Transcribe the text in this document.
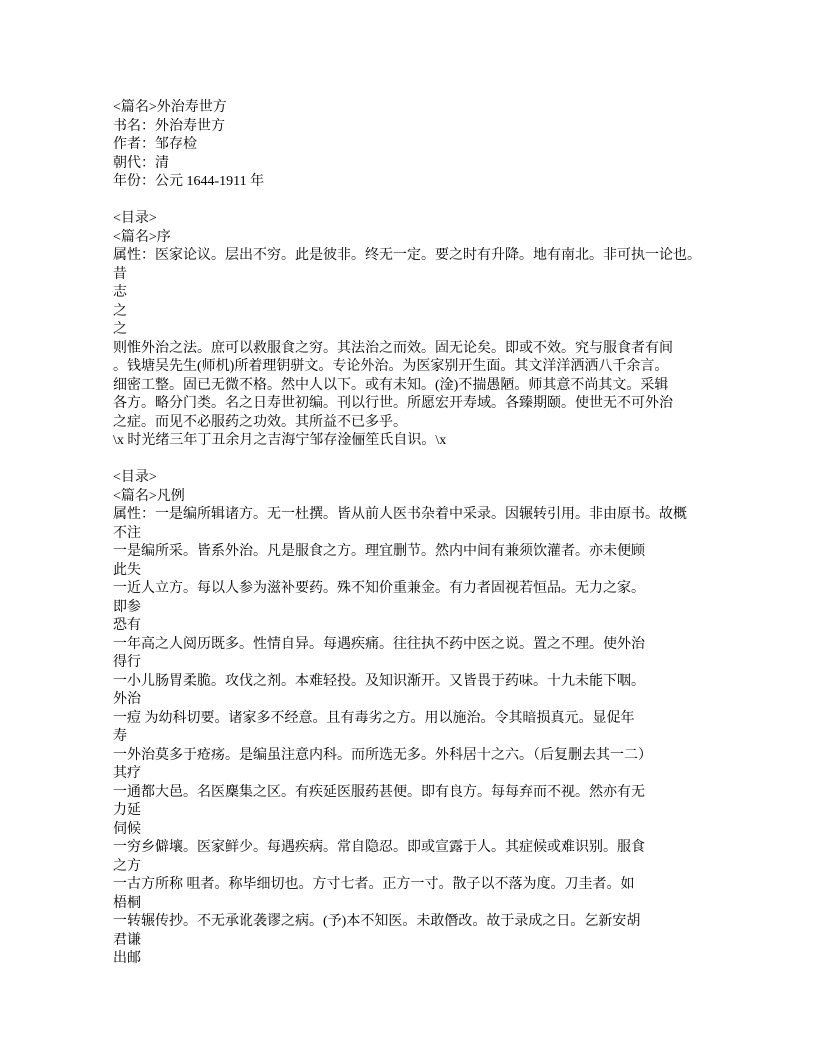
<篇名>外治寿世方
书名：外治寿世方
作者：邹存检
朝代：清
年份：公元 1644-1911 年
<目录>
<篇名>序
属性：医家论议。层出不穷。此是彼非。终无一定。要之时有升降。地有南北。非可执一论也。
昔
志
之
之
则惟外治之法。庶可以救服食之穷。其法治之而效。固无论矣。即或不效。究与服食者有间
。钱塘吴先生(师机)所着理钥骈文。专论外治。为医家别开生面。其文洋洋洒洒八千余言。
细密工整。固已无微不格。然中人以下。或有未知。(淦)不揣愚陋。师其意不尚其文。采辑
各方。略分门类。名之日寿世初编。刊以行世。所愿宏开寿域。各臻期颐。使世无不可外治
之症。而见不必服药之功效。其所益不已多乎。
\x 时光绪三年丁丑余月之吉海宁邹存淦俪笙氏自识。\x
<目录>
<篇名>凡例
属性：一是编所辑诸方。无一杜撰。皆从前人医书杂着中采录。因辗转引用。非由原书。故概
不注
一是编所采。皆系外治。凡是服食之方。理宜删节。然内中间有兼须饮灌者。亦未便顾
此失
一近人立方。每以人参为滋补要药。殊不知价重兼金。有力者固视若恒品。无力之家。
即参
恐有
一年高之人阅历既多。性情自异。每遇疾痛。往往执不药中医之说。置之不理。使外治
得行
一小儿肠胃柔脆。攻伐之剂。本难轻投。及知识渐开。又皆畏于药味。十九未能下咽。
外治
一痘 为幼科切要。诸家多不经意。且有毒劣之方。用以施治。令其暗损真元。显促年
寿
一外治莫多于疮疡。是编虽注意内科。而所选无多。外科居十之六。（后复删去其一二）
其疗
一通都大邑。名医麇集之区。有疾延医服药甚便。即有良方。每每弃而不视。然亦有无
力延
伺候
一穷乡僻壤。医家鲜少。每遇疾病。常自隐忍。即或宣露于人。其症候或难识别。服食
之方
一古方所称 咀者。称毕细切也。方寸七者。正方一寸。散子以不落为度。刀圭者。如
梧桐
一转辗传抄。不无承讹袭谬之病。(予)本不知医。未敢僭改。故于录成之日。乞新安胡
君谦
出邮
